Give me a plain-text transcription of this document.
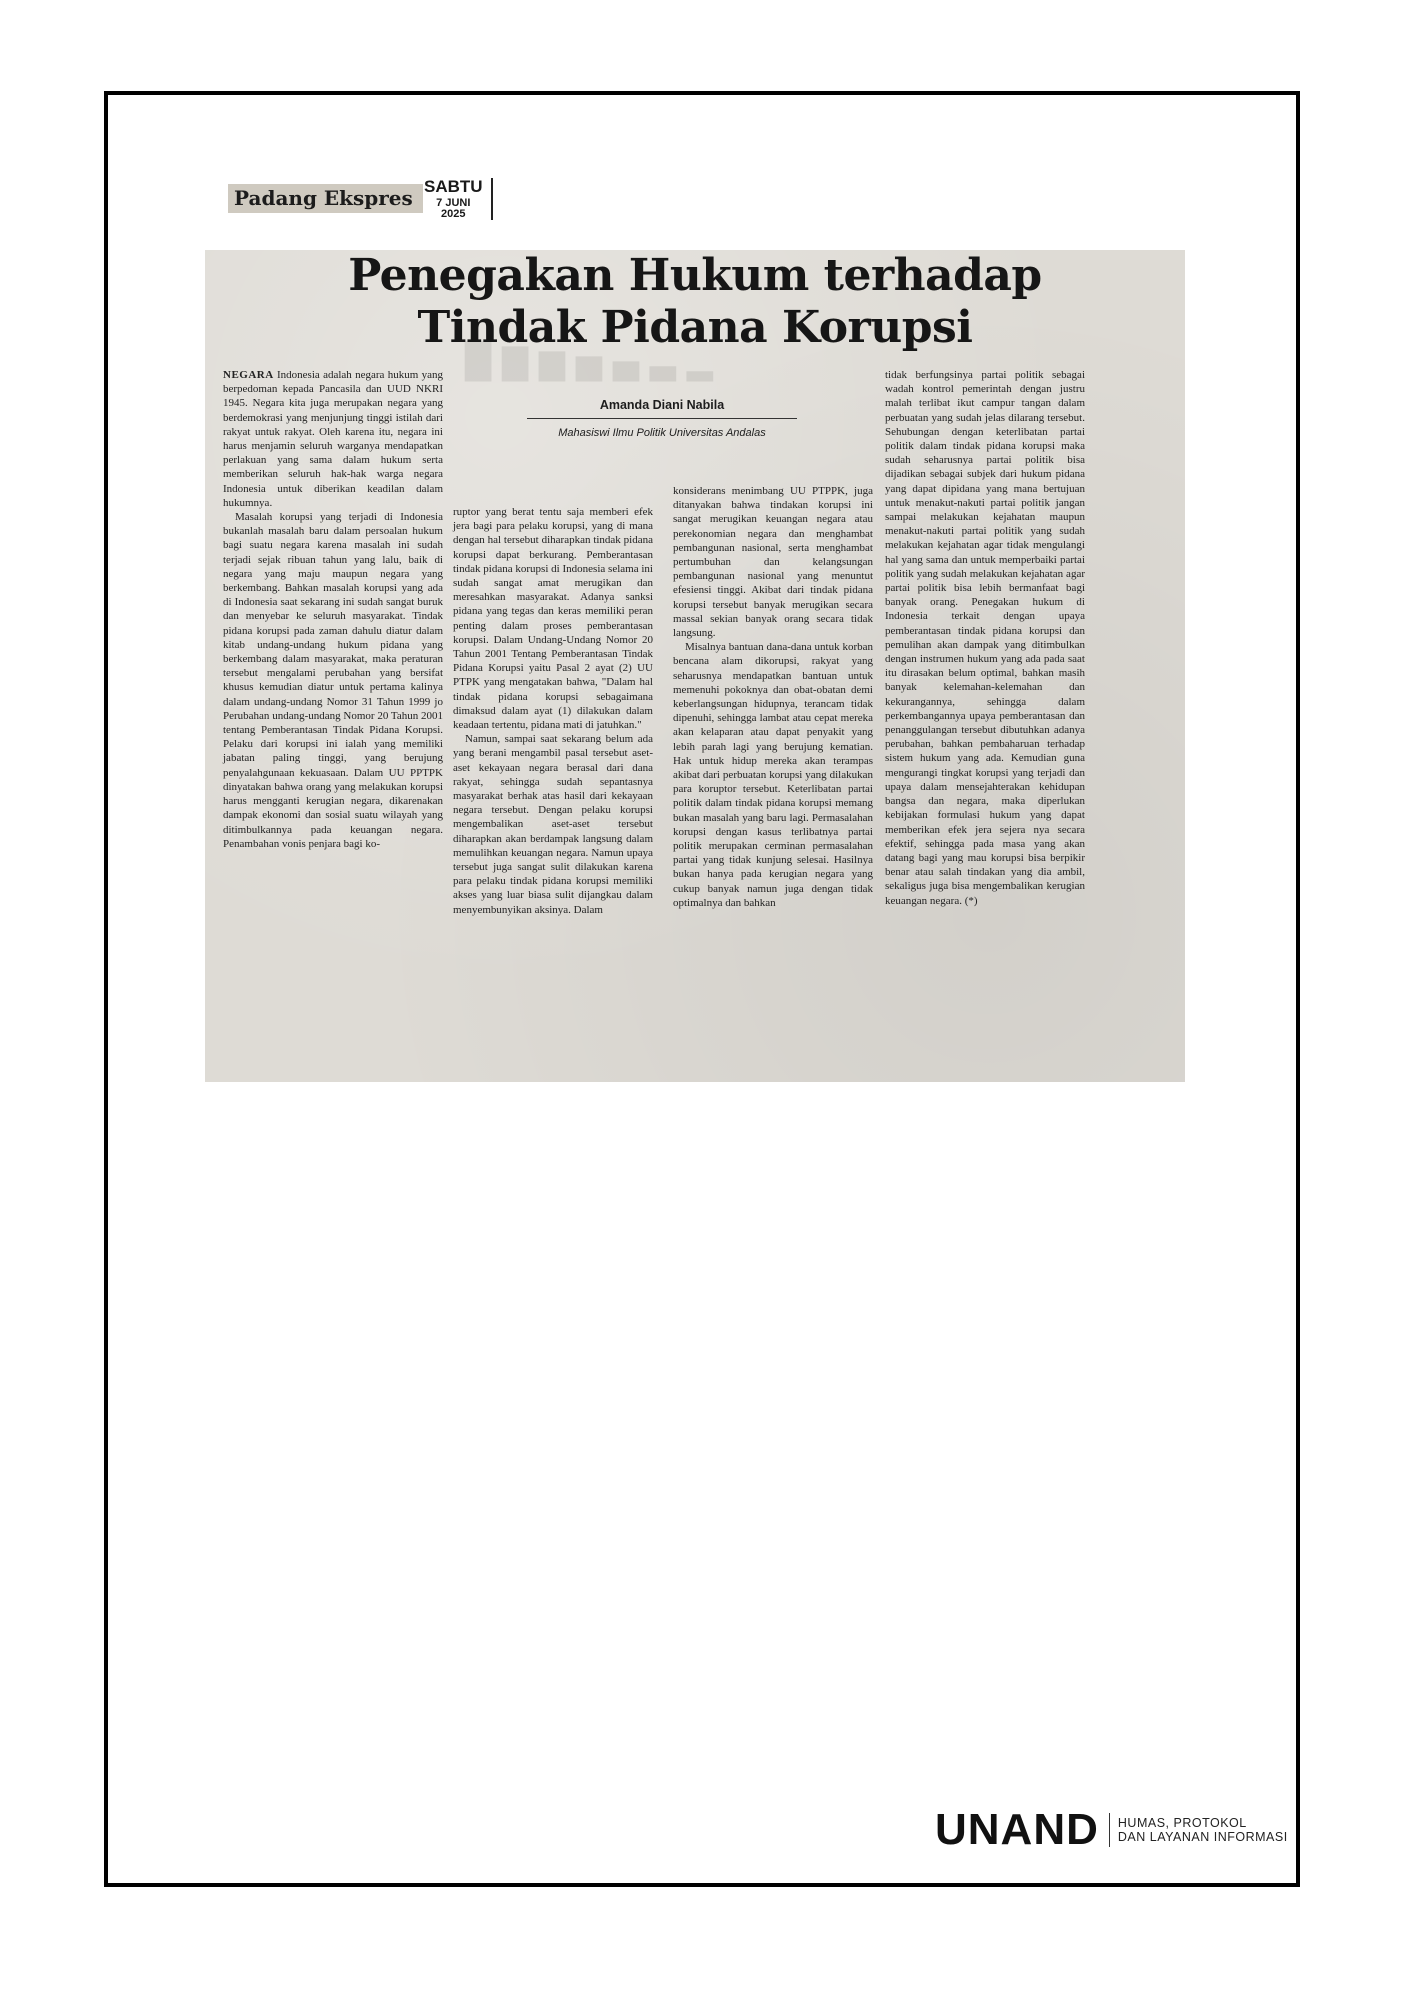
Padang Ekspres SABTU
7 JUNI 2025
█ ▇ ▆ ▅ ▄ ▃ ▂
Penegakan Hukum terhadap
Tindak Pidana Korupsi
Amanda Diani Nabila
Mahasiswi Ilmu Politik Universitas Andalas

NEGARA Indonesia adalah negara hukum yang berpedoman kepada Pancasila dan UUD NKRI 1945. Negara kita juga merupakan negara yang berdemokrasi yang menjunjung tinggi istilah dari rakyat untuk rakyat. Oleh karena itu, negara ini harus menjamin seluruh warganya mendapatkan perlakuan yang sama dalam hukum serta memberikan seluruh hak-hak warga negara Indonesia untuk diberikan keadilan dalam hukumnya.

Masalah korupsi yang terjadi di Indonesia bukanlah masalah baru dalam persoalan hukum bagi suatu negara karena masalah ini sudah terjadi sejak ribuan tahun yang lalu, baik di negara yang maju maupun negara yang berkembang. Bahkan masalah korupsi yang ada di Indonesia saat sekarang ini sudah sangat buruk dan menyebar ke seluruh masyarakat. Tindak pidana korupsi pada zaman dahulu diatur dalam kitab undang-undang hukum pidana yang berkembang dalam masyarakat, maka peraturan tersebut mengalami perubahan yang bersifat khusus kemudian diatur untuk pertama kalinya dalam undang-undang Nomor 31 Tahun 1999 jo Perubahan undang-undang Nomor 20 Tahun 2001 tentang Pemberantasan Tindak Pidana Korupsi. Pelaku dari korupsi ini ialah yang memiliki jabatan paling tinggi, yang berujung penyalahgunaan kekuasaan. Dalam UU PPTPK dinyatakan bahwa orang yang melakukan korupsi harus mengganti kerugian negara, dikarenakan dampak ekonomi dan sosial suatu wilayah yang ditimbulkannya pada keuangan negara. Penambahan vonis penjara bagi ko-

ruptor yang berat tentu saja memberi efek jera bagi para pelaku korupsi, yang di mana dengan hal tersebut diharapkan tindak pidana korupsi dapat berkurang. Pemberantasan tindak pidana korupsi di Indonesia selama ini sudah sangat amat merugikan dan meresahkan masyarakat. Adanya sanksi pidana yang tegas dan keras memiliki peran penting dalam proses pemberantasan korupsi. Dalam Undang-Undang Nomor 20 Tahun 2001 Tentang Pemberantasan Tindak Pidana Korupsi yaitu Pasal 2 ayat (2) UU PTPK yang mengatakan bahwa, "Dalam hal tindak pidana korupsi sebagaimana dimaksud dalam ayat (1) dilakukan dalam keadaan tertentu, pidana mati di jatuhkan."

Namun, sampai saat sekarang belum ada yang berani mengambil pasal tersebut aset-aset kekayaan negara berasal dari dana rakyat, sehingga sudah sepantasnya masyarakat berhak atas hasil dari kekayaan negara tersebut. Dengan pelaku korupsi mengembalikan aset-aset tersebut diharapkan akan berdampak langsung dalam memulihkan keuangan negara. Namun upaya tersebut juga sangat sulit dilakukan karena para pelaku tindak pidana korupsi memiliki akses yang luar biasa sulit dijangkau dalam menyembunyikan aksinya. Dalam

konsiderans menimbang UU PTPPK, juga ditanyakan bahwa tindakan korupsi ini sangat merugikan keuangan negara atau perekonomian negara dan menghambat pembangunan nasional, serta menghambat pertumbuhan dan kelangsungan pembangunan nasional yang menuntut efesiensi tinggi. Akibat dari tindak pidana korupsi tersebut banyak merugikan secara massal sekian banyak orang secara tidak langsung.

Misalnya bantuan dana-dana untuk korban bencana alam dikorupsi, rakyat yang seharusnya mendapatkan bantuan untuk memenuhi pokoknya dan obat-obatan demi keberlangsungan hidupnya, terancam tidak dipenuhi, sehingga lambat atau cepat mereka akan kelaparan atau dapat penyakit yang lebih parah lagi yang berujung kematian. Hak untuk hidup mereka akan terampas akibat dari perbuatan korupsi yang dilakukan para koruptor tersebut. Keterlibatan partai politik dalam tindak pidana korupsi memang bukan masalah yang baru lagi. Permasalahan korupsi dengan kasus terlibatnya partai politik merupakan cerminan permasalahan partai yang tidak kunjung selesai. Hasilnya bukan hanya pada kerugian negara yang cukup banyak namun juga dengan tidak optimalnya dan bahkan

tidak berfungsinya partai politik sebagai wadah kontrol pemerintah dengan justru malah terlibat ikut campur tangan dalam perbuatan yang sudah jelas dilarang tersebut. Sehubungan dengan keterlibatan partai politik dalam tindak pidana korupsi maka sudah seharusnya partai politik bisa dijadikan sebagai subjek dari hukum pidana yang dapat dipidana yang mana bertujuan untuk menakut-nakuti partai politik jangan sampai melakukan kejahatan maupun menakut-nakuti partai politik yang sudah melakukan kejahatan agar tidak mengulangi hal yang sama dan untuk memperbaiki partai politik yang sudah melakukan kejahatan agar partai politik bisa lebih bermanfaat bagi banyak orang. Penegakan hukum di Indonesia terkait dengan upaya pemberantasan tindak pidana korupsi dan pemulihan akan dampak yang ditimbulkan dengan instrumen hukum yang ada pada saat itu dirasakan belum optimal, bahkan masih banyak kelemahan-kelemahan dan kekurangannya, sehingga dalam perkembangannya upaya pemberantasan dan penanggulangan tersebut dibutuhkan adanya perubahan, bahkan pembaharuan terhadap sistem hukum yang ada. Kemudian guna mengurangi tingkat korupsi yang terjadi dan upaya dalam mensejahterakan kehidupan bangsa dan negara, maka diperlukan kebijakan formulasi hukum yang dapat memberikan efek jera sejera nya secara efektif, sehingga pada masa yang akan datang bagi yang mau korupsi bisa berpikir benar atau salah tindakan yang dia ambil, sekaligus juga bisa mengembalikan kerugian keuangan negara. (*)

UNAND HUMAS, PROTOKOL
DAN LAYANAN INFORMASI
